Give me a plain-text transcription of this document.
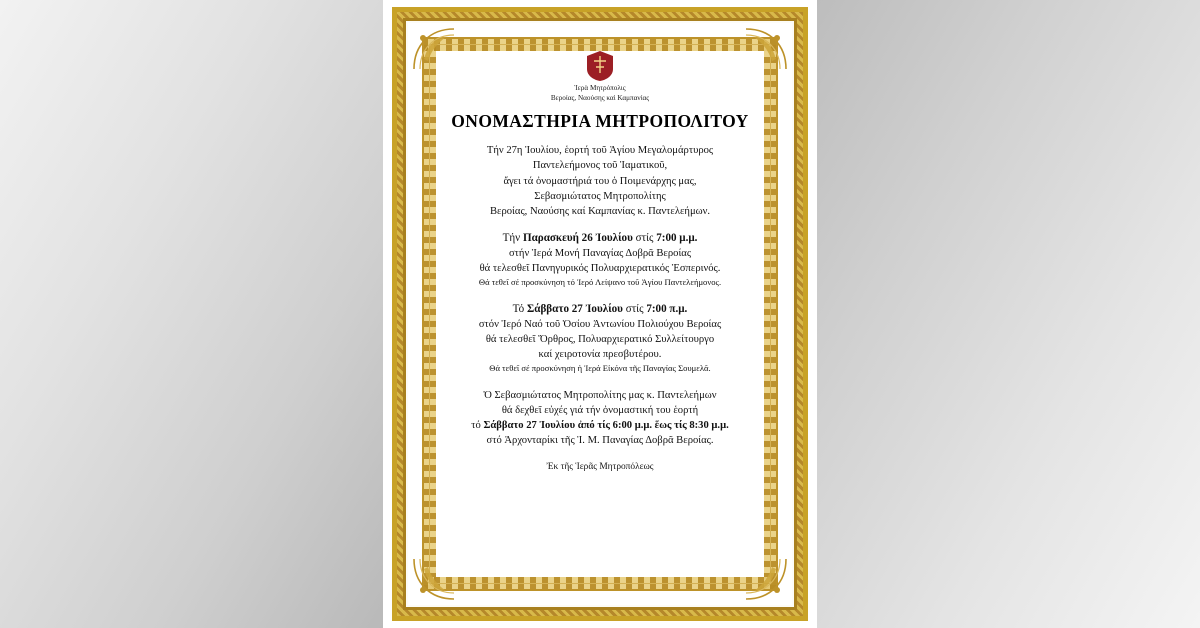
Ἱερὰ Μητρόπολις
Βεροίας, Ναούσης καὶ Καμπανίας
ΟΝΟΜΑΣΤΗΡΙΑ ΜΗΤΡΟΠΟΛΙΤΟΥ
Τήν 27η Ἰουλίου, ἑορτή τοῦ Ἁγίου Μεγαλομάρτυρος
Παντελεήμονος τοῦ Ἰαματικοῦ,
ἄγει τά ὀνομαστήριά του ὁ Ποιμενάρχης μας,
Σεβασμιώτατος Μητροπολίτης
Βεροίας, Ναούσης καί Καμπανίας κ. Παντελεήμων.
Τήν Παρασκευή 26 Ἰουλίου στίς 7:00 μ.μ.
στήν Ἱερά Μονή Παναγίας Δοβρᾶ Βεροίας
θά τελεσθεῖ Πανηγυρικός Πολυαρχιερατικός Ἑσπερινός.
Θά τεθεῖ σέ προσκύνηση τό Ἱερό Λείψανο τοῦ Ἁγίου Παντελεήμονος.
Τό Σάββατο 27 Ἰουλίου στίς 7:00 π.μ.
στόν Ἱερό Ναό τοῦ Ὁσίου Ἀντωνίου Πολιούχου Βεροίας
θά τελεσθεῖ Ὄρθρος, Πολυαρχιερατικό Συλλείτουργο
καί χειροτονία πρεσβυτέρου.
Θά τεθεῖ σέ προσκύνηση ἡ Ἱερά Εἰκόνα τῆς Παναγίας Σουμελᾶ.
Ὁ Σεβασμιώτατος Μητροπολίτης μας κ. Παντελεήμων
θά δεχθεῖ εὐχές γιά τήν ὀνομαστική του ἑορτή
τό Σάββατο 27 Ἰουλίου ἀπό τίς 6:00 μ.μ. ἕως τίς 8:30 μ.μ.
στό Ἀρχονταρίκι τῆς Ἱ. Μ. Παναγίας Δοβρᾶ Βεροίας.
Ἐκ τῆς Ἱερᾶς Μητροπόλεως
